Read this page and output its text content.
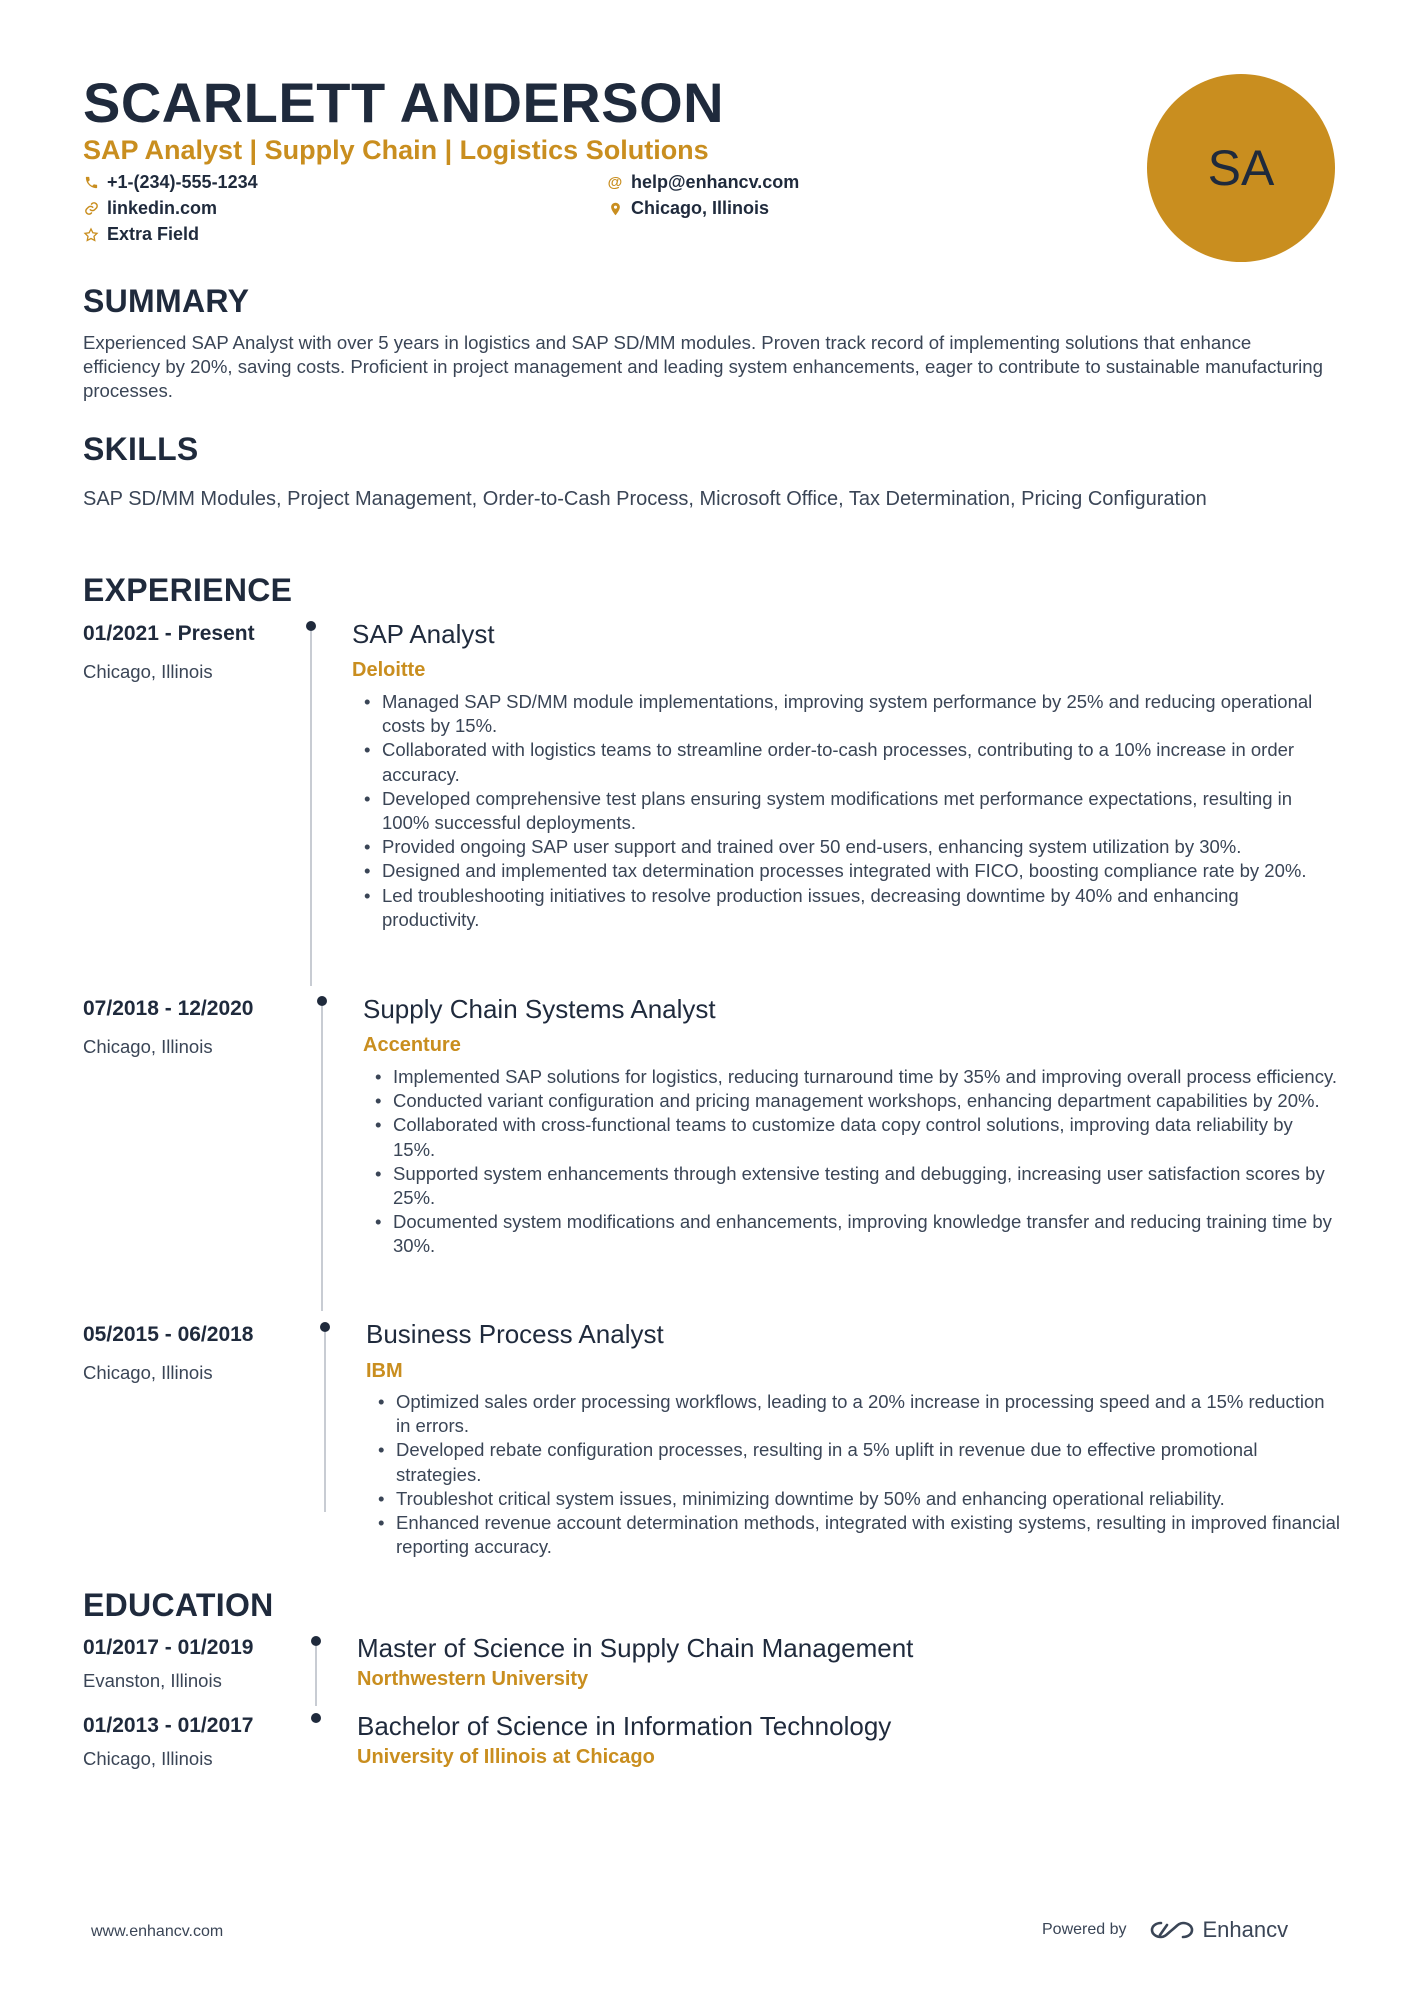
SCARLETT ANDERSON
SAP Analyst | Supply Chain | Logistics Solutions
+1-(234)-555-1234	@ help@enhancv.com
linkedin.com	Chicago, Illinois
Extra Field
SA
SUMMARY
Experienced SAP Analyst with over 5 years in logistics and SAP SD/MM modules. Proven track record of implementing solutions that enhance efficiency by 20%, saving costs. Proficient in project management and leading system enhancements, eager to contribute to sustainable manufacturing processes.
SKILLS
SAP SD/MM Modules, Project Management, Order-to-Cash Process, Microsoft Office, Tax Determination, Pricing Configuration
EXPERIENCE
01/2021 - Present
Chicago, Illinois
SAP Analyst
Deloitte
• Managed SAP SD/MM module implementations, improving system performance by 25% and reducing operational costs by 15%.
• Collaborated with logistics teams to streamline order-to-cash processes, contributing to a 10% increase in order accuracy.
• Developed comprehensive test plans ensuring system modifications met performance expectations, resulting in 100% successful deployments.
• Provided ongoing SAP user support and trained over 50 end-users, enhancing system utilization by 30%.
• Designed and implemented tax determination processes integrated with FICO, boosting compliance rate by 20%.
• Led troubleshooting initiatives to resolve production issues, decreasing downtime by 40% and enhancing productivity.
07/2018 - 12/2020
Chicago, Illinois
Supply Chain Systems Analyst
Accenture
• Implemented SAP solutions for logistics, reducing turnaround time by 35% and improving overall process efficiency.
• Conducted variant configuration and pricing management workshops, enhancing department capabilities by 20%.
• Collaborated with cross-functional teams to customize data copy control solutions, improving data reliability by 15%.
• Supported system enhancements through extensive testing and debugging, increasing user satisfaction scores by 25%.
• Documented system modifications and enhancements, improving knowledge transfer and reducing training time by 30%.
05/2015 - 06/2018
Chicago, Illinois
Business Process Analyst
IBM
• Optimized sales order processing workflows, leading to a 20% increase in processing speed and a 15% reduction in errors.
• Developed rebate configuration processes, resulting in a 5% uplift in revenue due to effective promotional strategies.
• Troubleshot critical system issues, minimizing downtime by 50% and enhancing operational reliability.
• Enhanced revenue account determination methods, integrated with existing systems, resulting in improved financial reporting accuracy.
EDUCATION
01/2017 - 01/2019
Evanston, Illinois
Master of Science in Supply Chain Management
Northwestern University
01/2013 - 01/2017
Chicago, Illinois
Bachelor of Science in Information Technology
University of Illinois at Chicago
www.enhancv.com	Powered by	Enhancv
